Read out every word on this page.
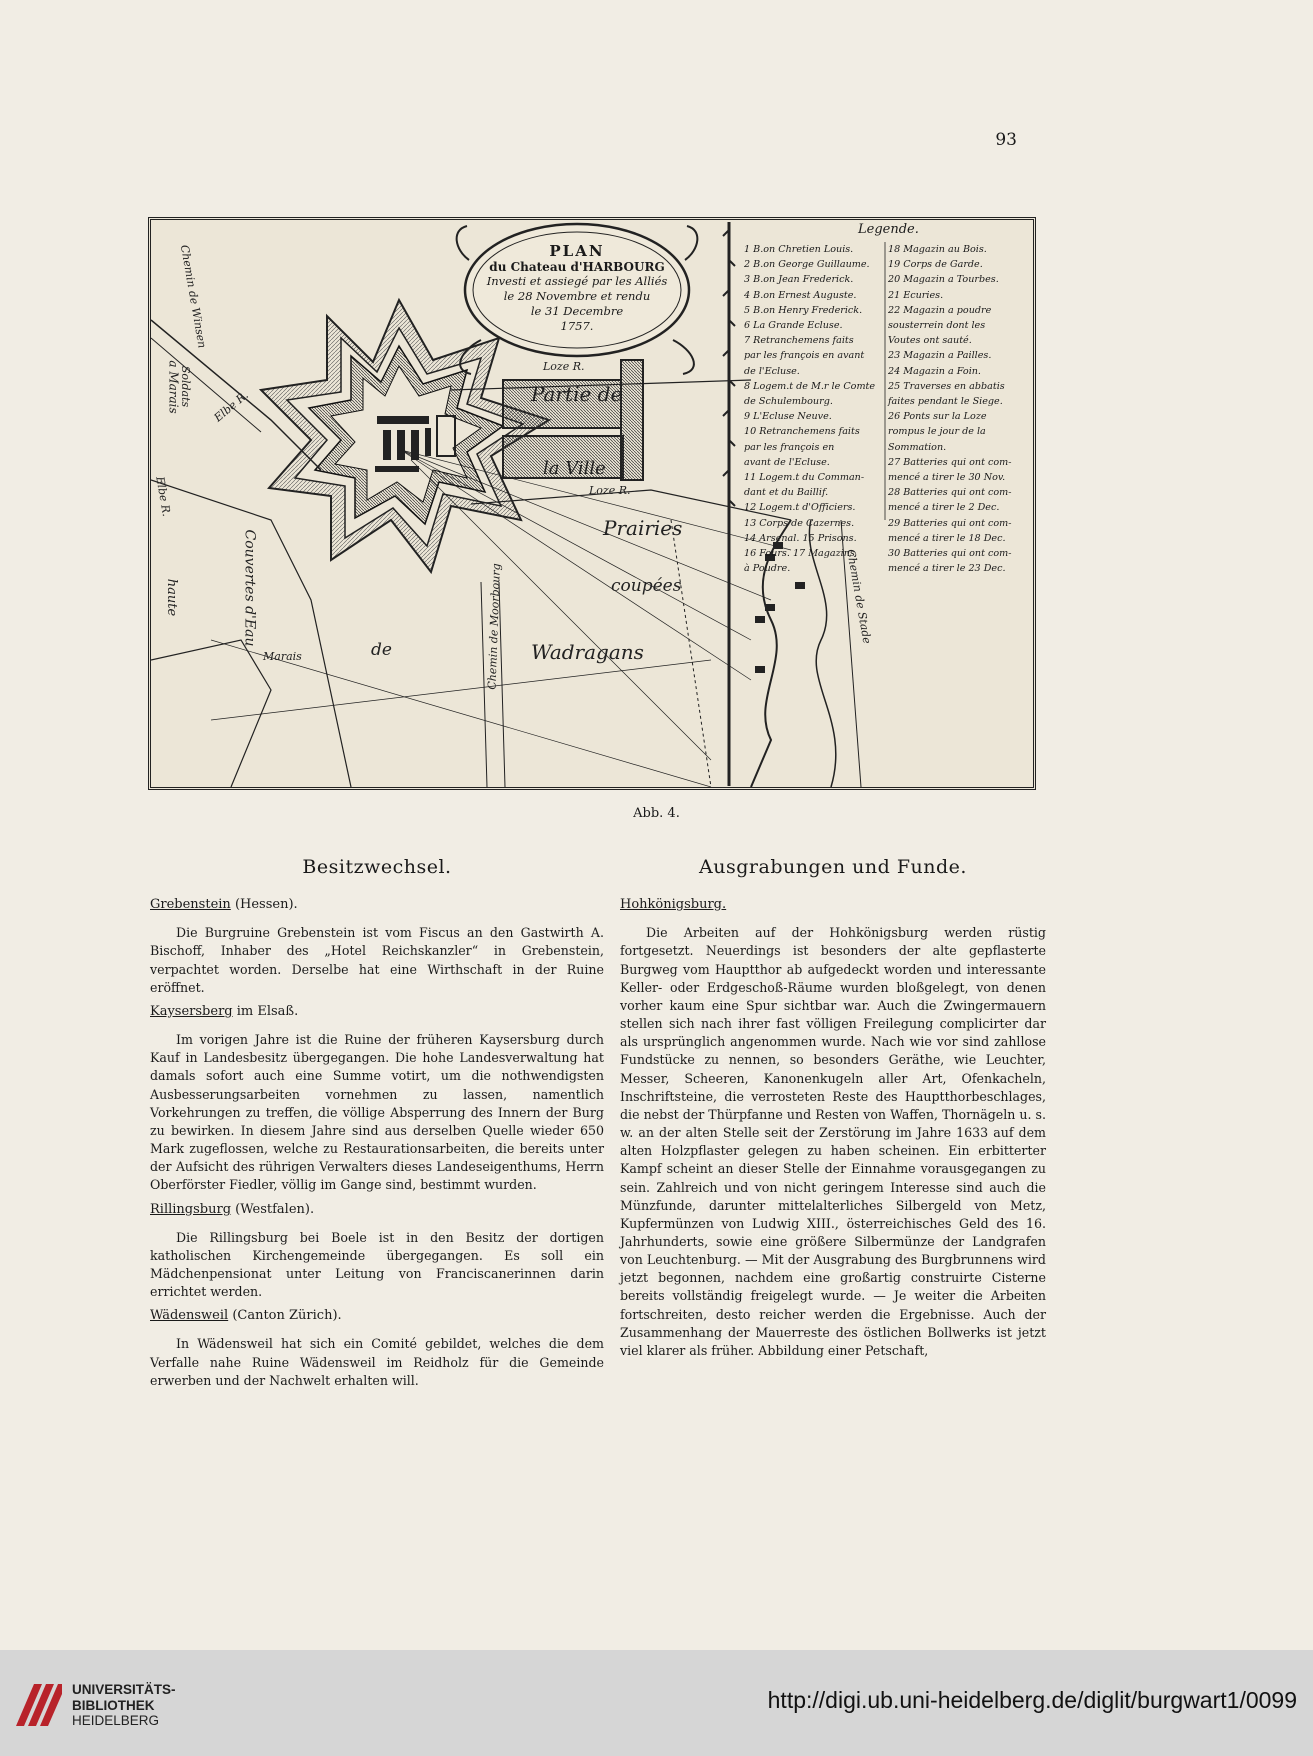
93
PLAN
du Chateau d'HARBOURG
Investi et assiegé par les Alliés
le 28 Novembre et rendu
le 31 Decembre
1757.
Partie de
la Ville
Loze R.
Loze R.
Prairies
coupées
de	Wadragans
Marais
Chemin de Winsen
Chemin de Moorbourg	Chemin de Stade
a Marais	Elbe R.
Elbe R.
Couvertes d'Eau
haute
Soldats
Legende.
1 B.on Chretien Louis.
2 B.on George Guillaume.
3 B.on Jean Frederick.
4 B.on Ernest Auguste.
5 B.on Henry Frederick.
6 La Grande Ecluse.
7 Retranchemens faits
par les françois en avant
de l'Ecluse.
8 Logem.t de M.r le Comte
de Schulembourg.
9 L'Ecluse Neuve.
10 Retranchemens faits
par les françois en
avant de l'Ecluse.
11 Logem.t du Comman-
dant et du Baillif.
12 Logem.t d'Officiers.
13 Corps de Cazernes.
14 Arsenal. 15 Prisons.
16 Fours. 17 Magazins
à Poudre.
18 Magazin au Bois.
19 Corps de Garde.
20 Magazin a Tourbes.
21 Ecuries.
22 Magazin a poudre
sousterrein dont les
Voutes ont sauté.
23 Magazin a Pailles.
24 Magazin a Foin.
25 Traverses en abbatis
faites pendant le Siege.
26 Ponts sur la Loze
rompus le jour de la
Sommation.
27 Batteries qui ont com-
mencé a tirer le 30 Nov.
28 Batteries qui ont com-
mencé a tirer le 2 Dec.
29 Batteries qui ont com-
mencé a tirer le 18 Dec.
30 Batteries qui ont com-
mencé a tirer le 23 Dec.
Abb. 4.
Besitzwechsel.
Grebenstein (Hessen).

Die Burgruine Grebenstein ist vom Fiscus an den Gastwirth A. Bischoff, Inhaber des „Hotel Reichskanzler“ in Grebenstein, verpachtet worden. Derselbe hat eine Wirthschaft in der Ruine eröffnet.

Kaysersberg im Elsaß.

Im vorigen Jahre ist die Ruine der früheren Kaysersburg durch Kauf in Landesbesitz übergegangen. Die hohe Landesverwaltung hat damals sofort auch eine Summe votirt, um die nothwendigsten Ausbesserungsarbeiten vornehmen zu lassen, namentlich Vorkehrungen zu treffen, die völlige Absperrung des Innern der Burg zu bewirken. In diesem Jahre sind aus derselben Quelle wieder 650 Mark zugeflossen, welche zu Restaurationsarbeiten, die bereits unter der Aufsicht des rührigen Verwalters dieses Landeseigenthums, Herrn Oberförster Fiedler, völlig im Gange sind, bestimmt wurden.

Rillingsburg (Westfalen).

Die Rillingsburg bei Boele ist in den Besitz der dortigen katholischen Kirchengemeinde übergegangen. Es soll ein Mädchenpensionat unter Leitung von Franciscanerinnen darin errichtet werden.

Wädensweil (Canton Zürich).

In Wädensweil hat sich ein Comité gebildet, welches die dem Verfalle nahe Ruine Wädensweil im Reidholz für die Gemeinde erwerben und der Nachwelt erhalten will.

Ausgrabungen und Funde.
Hohkönigsburg.

Die Arbeiten auf der Hohkönigsburg werden rüstig fortgesetzt. Neuerdings ist besonders der alte gepflasterte Burgweg vom Hauptthor ab aufgedeckt worden und interessante Keller- oder Erdgeschoß-Räume wurden bloßgelegt, von denen vorher kaum eine Spur sichtbar war. Auch die Zwingermauern stellen sich nach ihrer fast völligen Freilegung complicirter dar als ursprünglich angenommen wurde. Nach wie vor sind zahllose Fundstücke zu nennen, so besonders Geräthe, wie Leuchter, Messer, Scheeren, Kanonenkugeln aller Art, Ofenkacheln, Inschriftsteine, die verrosteten Reste des Hauptthorbeschlages, die nebst der Thürpfanne und Resten von Waffen, Thornägeln u. s. w. an der alten Stelle seit der Zerstörung im Jahre 1633 auf dem alten Holzpflaster gelegen zu haben scheinen. Ein erbitterter Kampf scheint an dieser Stelle der Einnahme vorausgegangen zu sein. Zahlreich und von nicht geringem Interesse sind auch die Münzfunde, darunter mittelalterliches Silbergeld von Metz, Kupfermünzen von Ludwig XIII., österreichisches Geld des 16. Jahrhunderts, sowie eine größere Silbermünze der Landgrafen von Leuchtenburg. — Mit der Ausgrabung des Burgbrunnens wird jetzt begonnen, nachdem eine großartig construirte Cisterne bereits vollständig freigelegt wurde. — Je weiter die Arbeiten fortschreiten, desto reicher werden die Ergebnisse. Auch der Zusammenhang der Mauerreste des östlichen Bollwerks ist jetzt viel klarer als früher. Abbildung einer Petschaft,

UNIVERSITÄTS-
BIBLIOTHEK
HEIDELBERG
http://digi.ub.uni-heidelberg.de/diglit/burgwart1/0099
